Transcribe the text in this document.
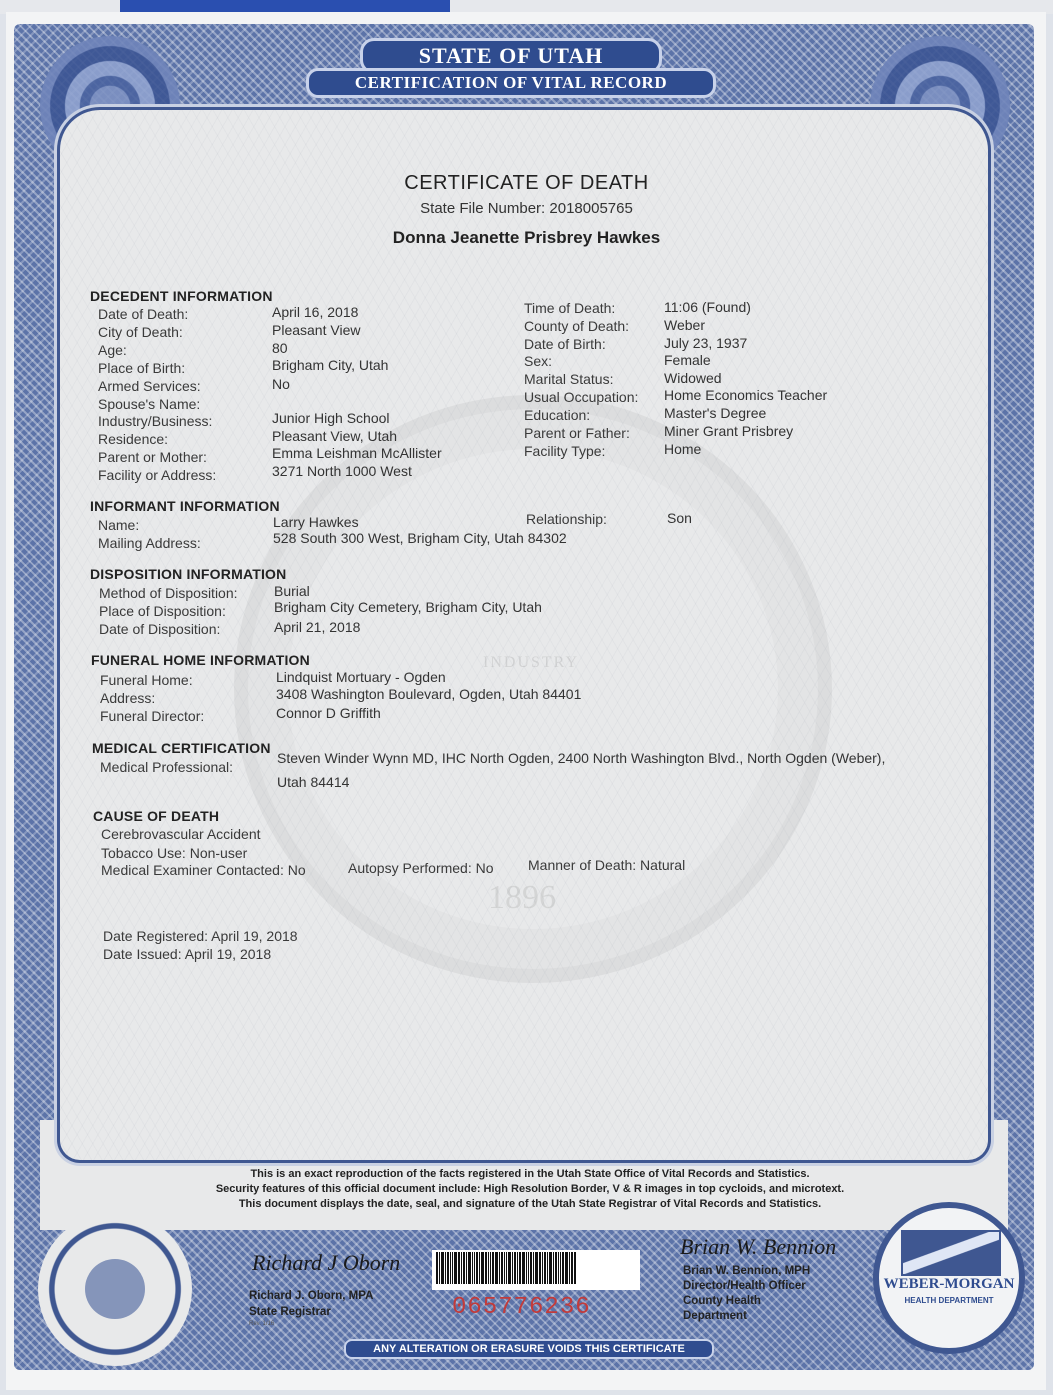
STATE OF UTAH
CERTIFICATION OF VITAL RECORD
INDUSTRY
1896
CERTIFICATE OF DEATH
State File Number: 2018005765
Donna Jeanette Prisbrey Hawkes
DECEDENT INFORMATION
Date of Death:	April 16, 2018
City of Death:	Pleasant View
Age:	80
Place of Birth:	Brigham City, Utah
Armed Services:	No
Spouse's Name:
Industry/Business:	Junior High School
Residence:	Pleasant View, Utah
Parent or Mother:	Emma Leishman McAllister
Facility or Address:	3271 North 1000 West
Time of Death:	11:06 (Found)
County of Death: Weber
Date of Birth:	July 23, 1937
Sex:	Female
Marital Status:	Widowed
Usual Occupation: Home Economics Teacher
Education:	Master's Degree
Parent or Father: Miner Grant Prisbrey
Facility Type:	Home
INFORMANT INFORMATION
Name:	Larry Hawkes	Relationship:	Son
Mailing Address:	528 South 300 West, Brigham City, Utah 84302
DISPOSITION INFORMATION
Method of Disposition:	Burial
Place of Disposition:	Brigham City Cemetery, Brigham City, Utah
Date of Disposition:	April 21, 2018
FUNERAL HOME INFORMATION
Funeral Home:	Lindquist Mortuary - Ogden
Address:	3408 Washington Boulevard, Ogden, Utah 84401
Funeral Director:	Connor D Griffith
MEDICAL CERTIFICATION
Medical Professional:
Steven Winder Wynn MD, IHC North Ogden, 2400 North Washington Blvd., North Ogden (Weber),
Utah 84414
CAUSE OF DEATH
Cerebrovascular Accident
Tobacco Use: Non-user
Medical Examiner Contacted: No	Autopsy Performed: No Manner of Death: Natural
Date Registered: April 19, 2018
Date Issued: April 19, 2018
This is an exact reproduction of the facts registered in the Utah State Office of Vital Records and Statistics.
Security features of this official document include: High Resolution Border, V & R images in top cycloids, and microtext.
This document displays the date, seal, and signature of the Utah State Registrar of Vital Records and Statistics.
Richard J Oborn
Richard J. Oborn, MPA
State Registrar
Rev. 1/16
065776236
Brian W. Bennion
Brian W. Bennion, MPH
Director/Health Officer
County Health
Department
WEBER-MORGAN
HEALTH DEPARTMENT
ANY ALTERATION OR ERASURE VOIDS THIS CERTIFICATE
